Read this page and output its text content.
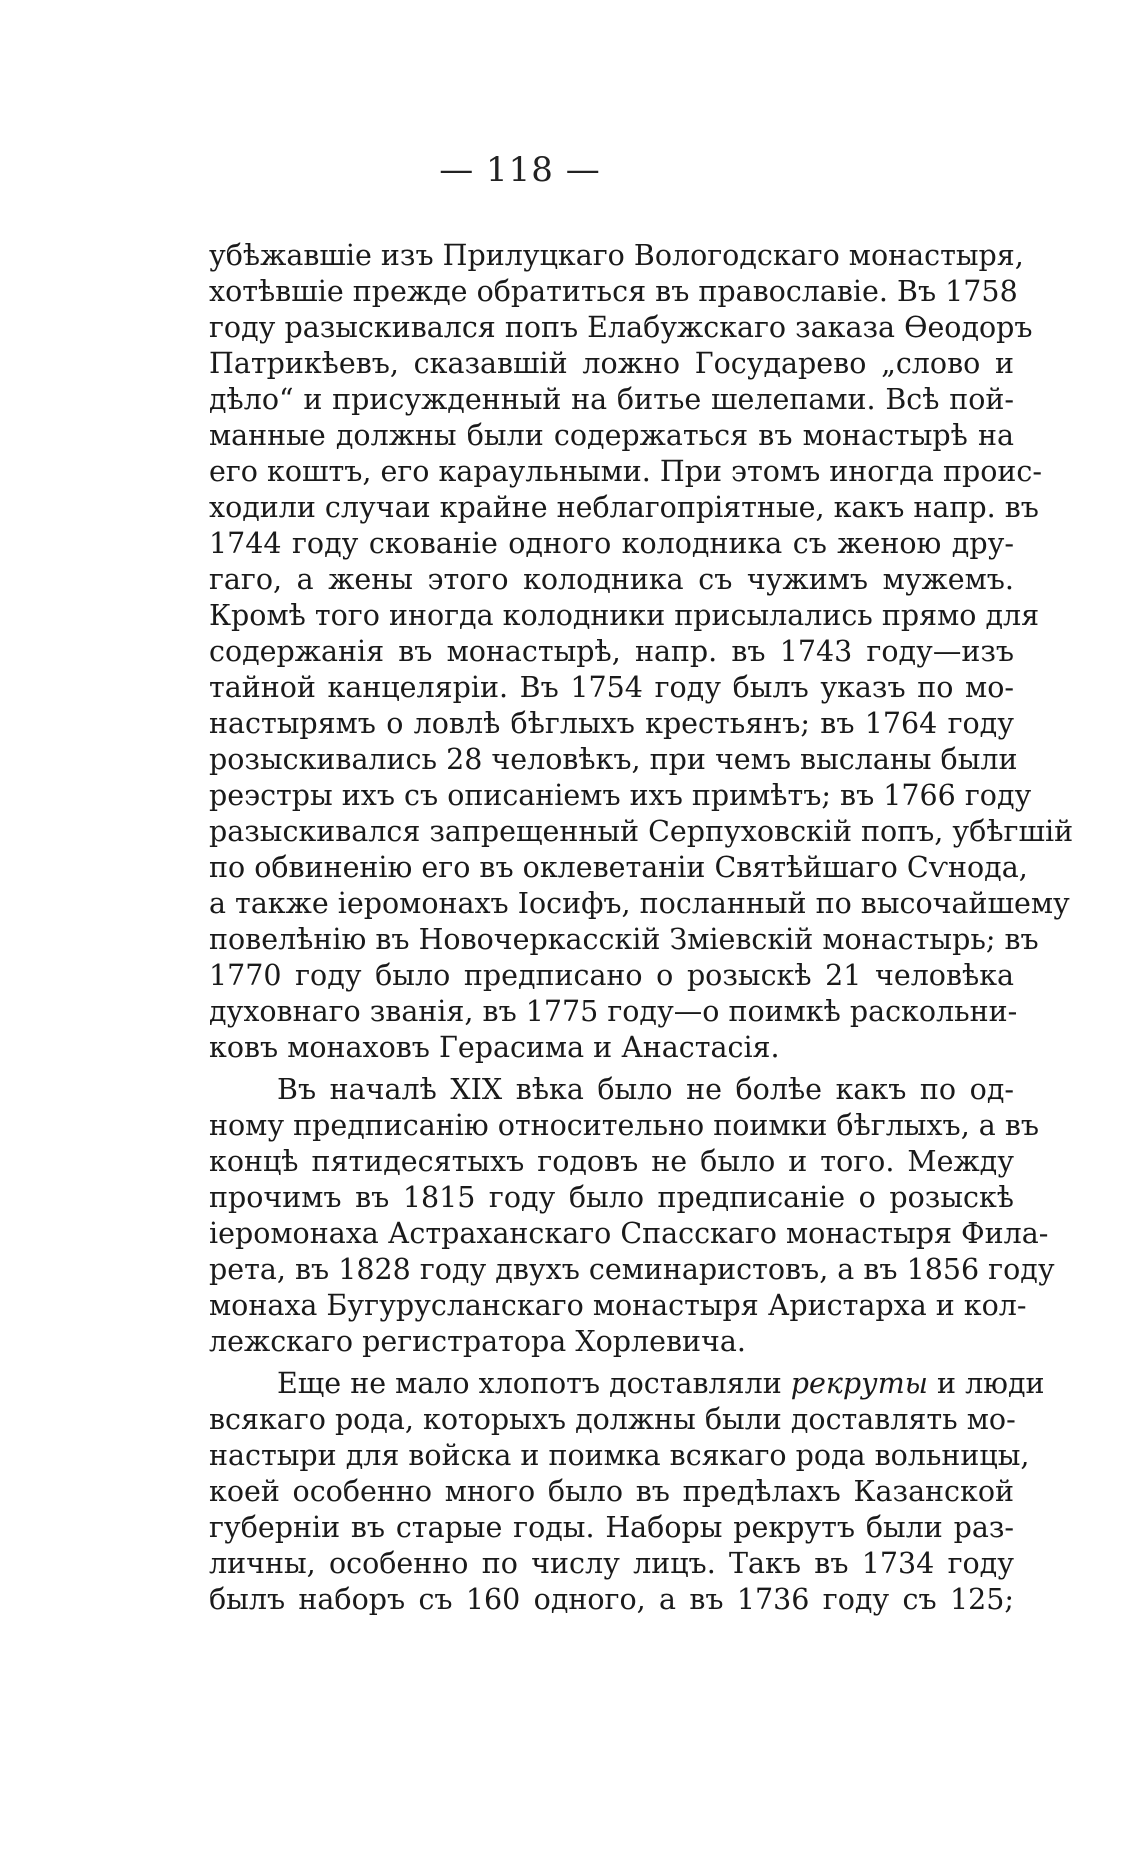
— 118 —
убѣжавшіе изъ Прилуцкаго Вологодскаго монастыря,
хотѣвшіе прежде обратиться въ православіе. Въ 1758
году разыскивался попъ Елабужскаго заказа Ѳеодоръ
Патрикѣевъ, сказавшій ложно Государево „слово и
дѣло“ и присужденный на битье шелепами. Всѣ пой-
манные должны были содержаться въ монастырѣ на
его коштъ, его караульными. При этомъ иногда проис-
ходили случаи крайне неблагопріятные, какъ напр. въ
1744 году скованіе одного колодника съ женою дру-
гаго, а жены этого колодника съ чужимъ мужемъ.
Кромѣ того иногда колодники присылались прямо для
содержанія въ монастырѣ, напр. въ 1743 году—изъ
тайной канцеляріи. Въ 1754 году былъ указъ по мо-
настырямъ о ловлѣ бѣглыхъ крестьянъ; въ 1764 году
розыскивались 28 человѣкъ, при чемъ высланы были
реэстры ихъ съ описаніемъ ихъ примѣтъ; въ 1766 году
разыскивался запрещенный Серпуховскій попъ, убѣгшій
по обвиненію его въ оклеветаніи Святѣйшаго Сѵнода,
а также іеромонахъ Іосифъ, посланный по высочайшему
повелѣнію въ Новочеркасскій Зміевскій монастырь; въ
1770 году было предписано о розыскѣ 21 человѣка
духовнаго званія, въ 1775 году—о поимкѣ раскольни-
ковъ монаховъ Герасима и Анастасія.
Въ началѣ XIX вѣка было не болѣе какъ по од-
ному предписанію относительно поимки бѣглыхъ, а въ
концѣ пятидесятыхъ годовъ не было и того. Между
прочимъ въ 1815 году было предписаніе о розыскѣ
іеромонаха Астраханскаго Спасскаго монастыря Фила-
рета, въ 1828 году двухъ семинаристовъ, а въ 1856 году
монаха Бугурусланскаго монастыря Аристарха и кол-
лежскаго регистратора Хорлевича.
Еще не мало хлопотъ доставляли рекруты и люди
всякаго рода, которыхъ должны были доставлять мо-
настыри для войска и поимка всякаго рода вольницы,
коей особенно много было въ предѣлахъ Казанской
губерніи въ старые годы. Наборы рекрутъ были раз-
личны, особенно по числу лицъ. Такъ въ 1734 году
былъ наборъ съ 160 одного, а въ 1736 году съ 125;
